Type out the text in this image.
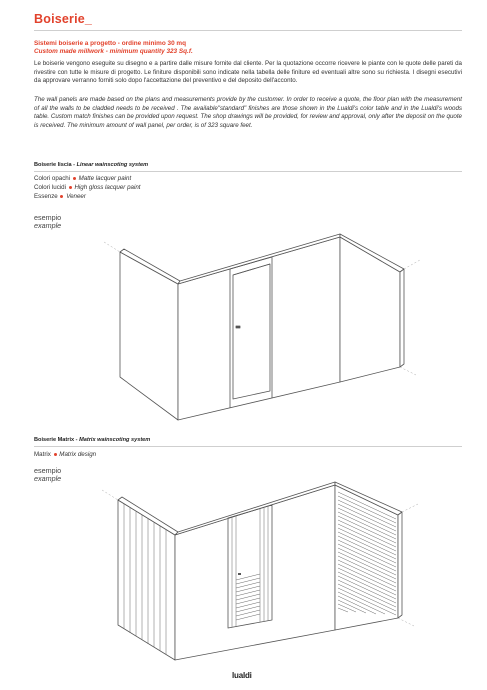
Boiserie_
Sistemi boiserie a progetto - ordine minimo 30 mq
Custom made millwork - minimum quantity 323 Sq.f.
Le boiserie vengono eseguite su disegno e a partire dalle misure fornite dal cliente. Per la quotazione occorre ricevere le piante con le quote delle pareti da rivestire con tutte le misure di progetto. Le finiture disponibili sono indicate nella tabella delle finiture ed eventuali altre sono su richiesta. I disegni esecutivi da approvare verranno forniti solo dopo l'accettazione del preventivo e del deposito dell'acconto.
The wall panels are made based on the plans and measurements provide by the customer. In order to receive a quote, the floor plan with the measurement of all the walls to be cladded needs to be received . The available"standard" finishes are those shown in the Lualdi's color table and in the Lualdi's woods table. Custom match finishes can be provided upon request. The shop drawings will be provided, for review and approval, only after the deposit on the quote is received. The minimum amount of wall panel, per order, is of 323 square feet.
Boiserie liscia - Linear wainscoting system
Colori opachi Matte lacquer paint
Colori lucidi High gloss lacquer paint
Essenze Veneer
esempio
example
Boiserie Matrix - Matrix wainscoting system
Matrix  Matrix design
esempio
example
lualdi
